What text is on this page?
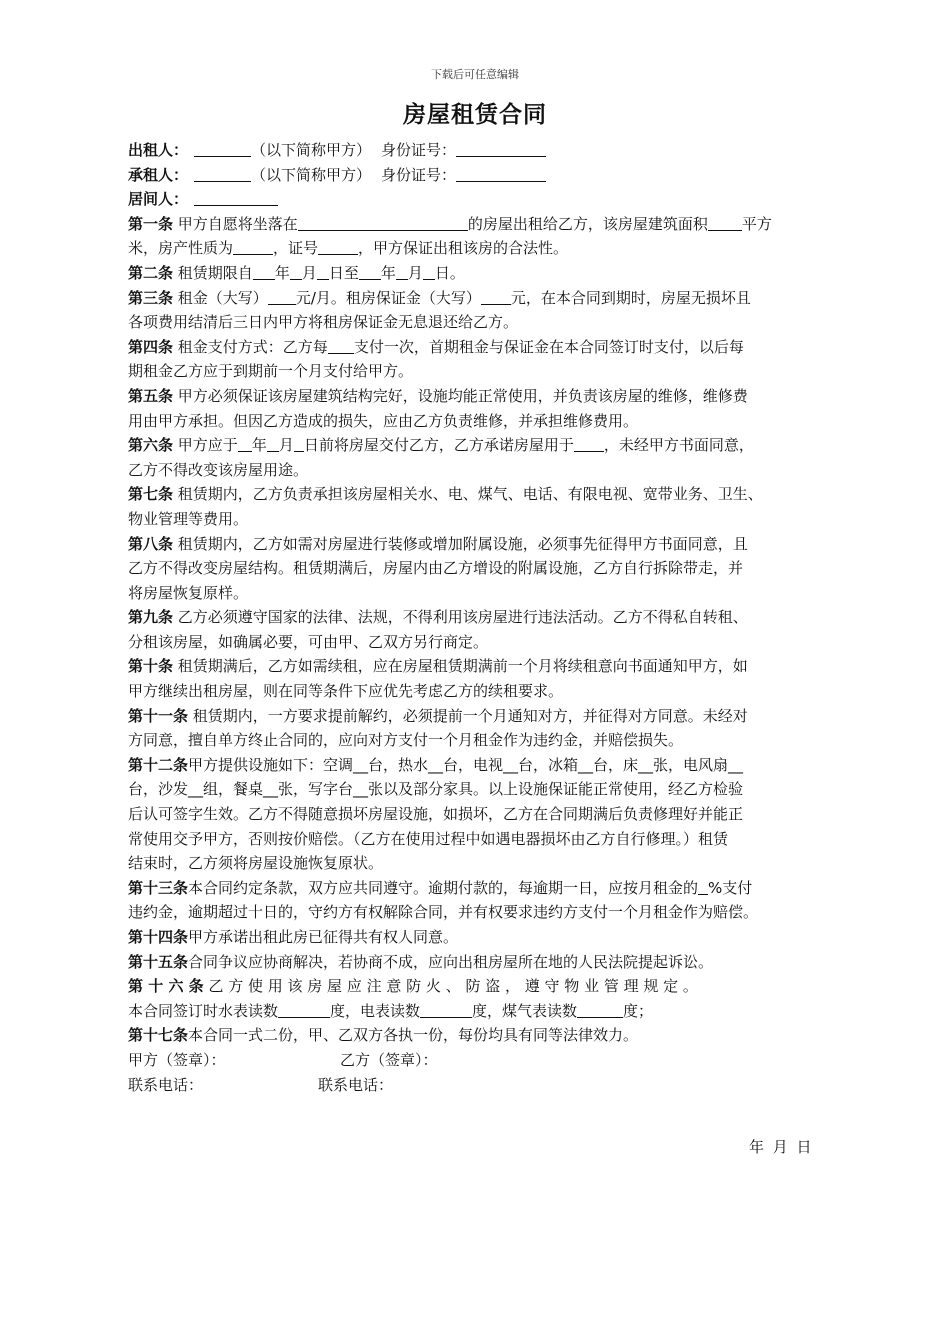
下载后可任意编辑
房屋租赁合同
出租人：	（以下简称甲方） 身份证号：
承租人：	（以下简称甲方） 身份证号：
居间人：
第一条 甲方自愿将坐落在	的房屋出租给乙方，该房屋建筑面积 平方
米，房产性质为	，证号	，甲方保证出租该房的合法性。
第二条 租赁期限自 年 月 日至 年 月 日。
第三条 租金（大写） 元/月。租房保证金（大写） 元，在本合同到期时，房屋无损坏且
各项费用结清后三日内甲方将租房保证金无息退还给乙方。
第四条 租金支付方式：乙方每 支付一次，首期租金与保证金在本合同签订时支付，以后每
期租金乙方应于到期前一个月支付给甲方。
第五条 甲方必须保证该房屋建筑结构完好，设施均能正常使用，并负责该房屋的维修，维修费
用由甲方承担。但因乙方造成的损失，应由乙方负责维修，并承担维修费用。
第六条 甲方应于 年 月 日前将房屋交付乙方，乙方承诺房屋用于 ，未经甲方书面同意，
乙方不得改变该房屋用途。
第七条 租赁期内，乙方负责承担该房屋相关水、电、煤气、电话、有限电视、宽带业务、卫生、
物业管理等费用。
第八条 租赁期内，乙方如需对房屋进行装修或增加附属设施，必须事先征得甲方书面同意，且
乙方不得改变房屋结构。租赁期满后，房屋内由乙方增设的附属设施，乙方自行拆除带走，并
将房屋恢复原样。
第九条 乙方必须遵守国家的法律、法规，不得利用该房屋进行违法活动。乙方不得私自转租、
分租该房屋，如确属必要，可由甲、乙双方另行商定。
第十条 租赁期满后，乙方如需续租，应在房屋租赁期满前一个月将续租意向书面通知甲方，如
甲方继续出租房屋，则在同等条件下应优先考虑乙方的续租要求。
第十一条 租赁期内，一方要求提前解约，必须提前一个月通知对方，并征得对方同意。未经对
方同意，擅自单方终止合同的，应向对方支付一个月租金作为违约金，并赔偿损失。
第十二条甲方提供设施如下：空调__台，热水__台，电视__台，冰箱__台，床__张，电风扇__
台，沙发__组，餐桌__张，写字台__张以及部分家具。以上设施保证能正常使用，经乙方检验
后认可签字生效。乙方不得随意损坏房屋设施，如损坏，乙方在合同期满后负责修理好并能正
常使用交予甲方，否则按价赔偿。（乙方在使用过程中如遇电器损坏由乙方自行修理。）租赁
结束时，乙方须将房屋设施恢复原状。
第十三条本合同约定条款，双方应共同遵守。逾期付款的，每逾期一日，应按月租金的 %支付
违约金，逾期超过十日的，守约方有权解除合同，并有权要求违约方支付一个月租金作为赔偿。
第十四条甲方承诺出租此房已征得共有权人同意。
第十五条合同争议应协商解决，若协商不成，应向出租房屋所在地的人民法院提起诉讼。
第 十 六 条 乙 方 使 用 该 房 屋 应 注 意 防 火 、 防 盗 ， 遵 守 物 业 管 理 规 定 。
本合同签订时水表读数	度，电表读数	度，煤气表读数	度；
第十七条本合同一式二份，甲、乙双方各执一份，每份均具有同等法律效力。
甲方（签章）：	乙方（签章）：
联系电话：	联系电话：
年 月 日
